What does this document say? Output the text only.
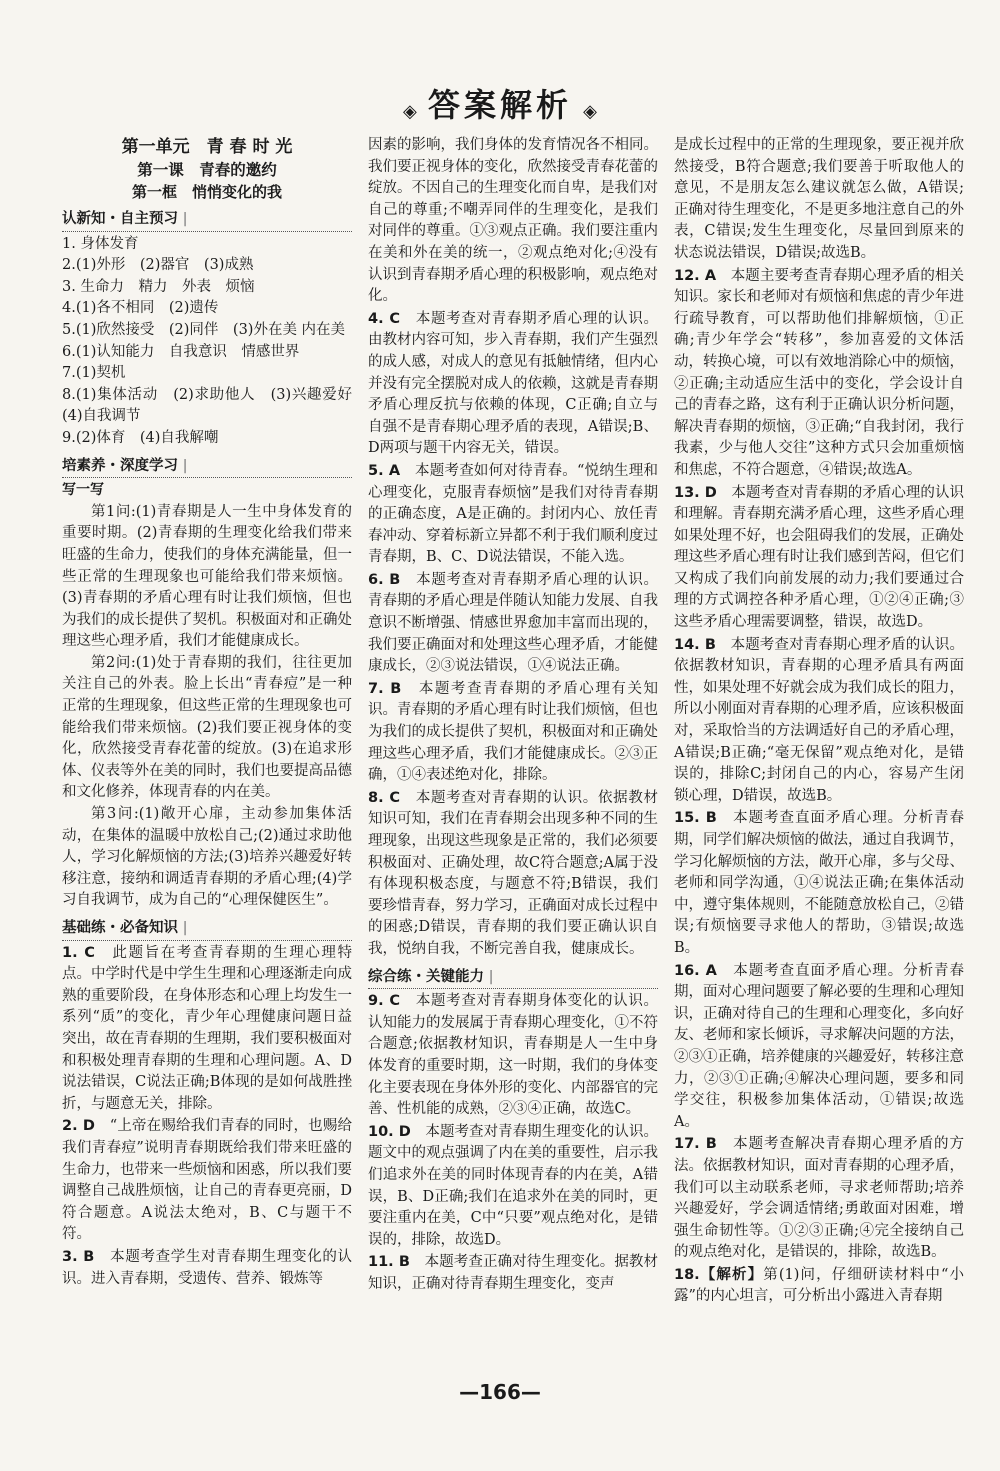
◈ 答案解析 ◈
第一单元　青 春 时 光
第一课　青春的邀约
第一框　悄悄变化的我
认新知・自主预习 |
1. 身体发育
2.(1)外形　(2)器官　(3)成熟
3. 生命力　精力　外表　烦恼
4.(1)各不相同　(2)遗传
5.(1)欣然接受　(2)同伴　(3)外在美 内在美
6.(1)认知能力　自我意识　情感世界
7.(1)契机
8.(1)集体活动　(2)求助他人　(3)兴趣爱好　(4)自我调节
9.(2)体育　(4)自我解嘲
培素养・深度学习 |
写一写
第1问:(1)青春期是人一生中身体发育的重要时期。(2)青春期的生理变化给我们带来旺盛的生命力，使我们的身体充满能量，但一些正常的生理现象也可能给我们带来烦恼。(3)青春期的矛盾心理有时让我们烦恼，但也为我们的成长提供了契机。积极面对和正确处理这些心理矛盾，我们才能健康成长。
第2问:(1)处于青春期的我们，往往更加关注自己的外表。脸上长出“青春痘”是一种正常的生理现象，但这些正常的生理现象也可能给我们带来烦恼。(2)我们要正视身体的变化，欣然接受青春花蕾的绽放。(3)在追求形体、仪表等外在美的同时，我们也要提高品德和文化修养，体现青春的内在美。
第3问:(1)敞开心扉，主动参加集体活动，在集体的温暖中放松自己;(2)通过求助他人，学习化解烦恼的方法;(3)培养兴趣爱好转移注意，接纳和调适青春期的矛盾心理;(4)学习自我调节，成为自己的“心理保健医生”。
基础练・必备知识 |
1. C　 此题旨在考查青春期的生理心理特点。中学时代是中学生生理和心理逐渐走向成熟的重要阶段，在身体形态和心理上均发生一系列“质”的变化，青少年心理健康问题日益突出，故在青春期的生理期，我们要积极面对和积极处理青春期的生理和心理问题。A、D说法错误，C说法正确;B体现的是如何战胜挫折，与题意无关，排除。
2. D　 “上帝在赐给我们青春的同时，也赐给我们青春痘”说明青春期既给我们带来旺盛的生命力，也带来一些烦恼和困惑，所以我们要调整自己战胜烦恼，让自己的青春更亮丽，D符合题意。A说法太绝对，B、C与题干不符。
3. B　 本题考查学生对青春期生理变化的认识。进入青春期，受遗传、营养、锻炼等
因素的影响，我们身体的发育情况各不相同。我们要正视身体的变化，欣然接受青春花蕾的绽放。不因自己的生理变化而自卑，是我们对自己的尊重;不嘲弄同伴的生理变化，是我们对同伴的尊重。①③观点正确。我们要注重内在美和外在美的统一，②观点绝对化;④没有认识到青春期矛盾心理的积极影响，观点绝对化。
4. C　 本题考查对青春期矛盾心理的认识。由教材内容可知，步入青春期，我们产生强烈的成人感，对成人的意见有抵触情绪，但内心并没有完全摆脱对成人的依赖，这就是青春期矛盾心理反抗与依赖的体现，C正确;自立与自强不是青春期心理矛盾的表现，A错误;B、D两项与题干内容无关，错误。
5. A　 本题考查如何对待青春。“悦纳生理和心理变化，克服青春烦恼”是我们对待青春期的正确态度，A是正确的。封闭内心、放任青春冲动、穿着标新立异都不利于我们顺利度过青春期，B、C、D说法错误，不能入选。
6. B　 本题考查对青春期矛盾心理的认识。青春期的矛盾心理是伴随认知能力发展、自我意识不断增强、情感世界愈加丰富而出现的，我们要正确面对和处理这些心理矛盾，才能健康成长，②③说法错误，①④说法正确。
7. B　 本题考查青春期的矛盾心理有关知识。青春期的矛盾心理有时让我们烦恼，但也为我们的成长提供了契机，积极面对和正确处理这些心理矛盾，我们才能健康成长。②③正确，①④表述绝对化，排除。
8. C　 本题考查对青春期的认识。依据教材知识可知，我们在青春期会出现多种不同的生理现象，出现这些现象是正常的，我们必须要积极面对、正确处理，故C符合题意;A属于没有体现积极态度，与题意不符;B错误，我们要珍惜青春，努力学习，正确面对成长过程中的困惑;D错误，青春期的我们要正确认识自我，悦纳自我，不断完善自我，健康成长。
综合练・关键能力 |
9. C　 本题考查对青春期身体变化的认识。认知能力的发展属于青春期心理变化，①不符合题意;依据教材知识，青春期是人一生中身体发育的重要时期，这一时期，我们的身体变化主要表现在身体外形的变化、内部器官的完善、性机能的成熟，②③④正确，故选C。
10. D　 本题考查对青春期生理变化的认识。题文中的观点强调了内在美的重要性，启示我们追求外在美的同时体现青春的内在美，A错误，B、D正确;我们在追求外在美的同时，更要注重内在美，C中“只要”观点绝对化，是错误的，排除，故选D。
11. B　 本题考查正确对待生理变化。据教材知识，正确对待青春期生理变化，变声
是成长过程中的正常的生理现象，要正视并欣然接受，B符合题意;我们要善于听取他人的意见，不是朋友怎么建议就怎么做，A错误;正确对待生理变化，不是更多地注意自己的外表，C错误;发生生理变化，尽量回到原来的状态说法错误，D错误;故选B。
12. A　 本题主要考查青春期心理矛盾的相关知识。家长和老师对有烦恼和焦虑的青少年进行疏导教育，可以帮助他们排解烦恼，①正确;青少年学会“转移”，参加喜爱的文体活动，转换心境，可以有效地消除心中的烦恼，②正确;主动适应生活中的变化，学会设计自己的青春之路，这有利于正确认识分析问题，解决青春期的烦恼，③正确;“自我封闭，我行我素，少与他人交往”这种方式只会加重烦恼和焦虑，不符合题意，④错误;故选A。
13. D　 本题考查对青春期的矛盾心理的认识和理解。青春期充满矛盾心理，这些矛盾心理如果处理不好，也会阻碍我们的发展，正确处理这些矛盾心理有时让我们感到苦闷，但它们又构成了我们向前发展的动力;我们要通过合理的方式调控各种矛盾心理，①②④正确;③这些矛盾心理需要调整，错误，故选D。
14. B　 本题考查对青春期心理矛盾的认识。依据教材知识，青春期的心理矛盾具有两面性，如果处理不好就会成为我们成长的阻力，所以小刚面对青春期的心理矛盾，应该积极面对，采取恰当的方法调适好自己的矛盾心理，A错误;B正确;“毫无保留”观点绝对化，是错误的，排除C;封闭自己的内心，容易产生闭锁心理，D错误，故选B。
15. B　 本题考查直面矛盾心理。分析青春期，同学们解决烦恼的做法，通过自我调节，学习化解烦恼的方法，敞开心扉，多与父母、老师和同学沟通，①④说法正确;在集体活动中，遵守集体规则，不能随意放松自己，②错误;有烦恼要寻求他人的帮助，③错误;故选B。
16. A　 本题考查直面矛盾心理。分析青春期，面对心理问题要了解必要的生理和心理知识，正确对待自己的生理和心理变化，多向好友、老师和家长倾诉，寻求解决问题的方法，②③①正确，培养健康的兴趣爱好，转移注意力，②③①正确;④解决心理问题，要多和同学交往，积极参加集体活动，①错误;故选A。
17. B　 本题考查解决青春期心理矛盾的方法。依据教材知识，面对青春期的心理矛盾，我们可以主动联系老师，寻求老师帮助;培养兴趣爱好，学会调适情绪;勇敢面对困难，增强生命韧性等。①②③正确;④完全接纳自己的观点绝对化，是错误的，排除，故选B。
18.【解析】第(1)问，仔细研读材料中“小露”的内心坦言，可分析出小露进入青春期
—166—
